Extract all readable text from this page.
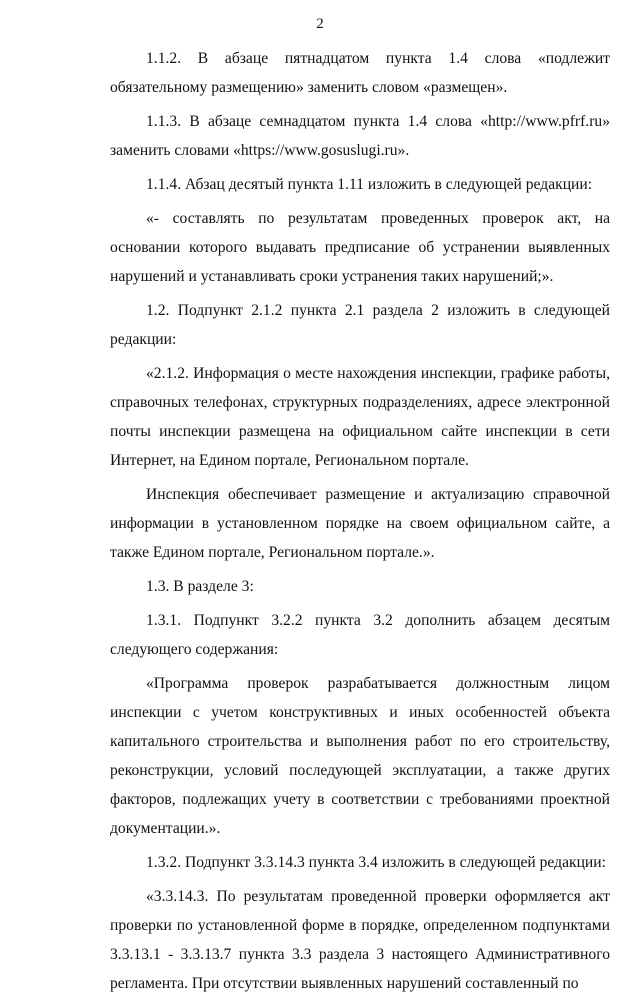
2

1.1.2. В абзаце пятнадцатом пункта 1.4 слова «подлежит обязательному размещению» заменить словом «размещен».

1.1.3. В абзаце семнадцатом пункта 1.4 слова «http://www.pfrf.ru» заменить словами «https://www.gosuslugi.ru».

1.1.4. Абзац десятый пункта 1.11 изложить в следующей редакции:

«- составлять по результатам проведенных проверок акт, на основании которого выдавать предписание об устранении выявленных нарушений и устанавливать сроки устранения таких нарушений;».

1.2. Подпункт 2.1.2 пункта 2.1 раздела 2 изложить в следующей редакции:

«2.1.2. Информация о месте нахождения инспекции, графике работы, справочных телефонах, структурных подразделениях, адресе электронной почты инспекции размещена на официальном сайте инспекции в сети Интернет, на Едином портале, Региональном портале.

Инспекция обеспечивает размещение и актуализацию справочной информации в установленном порядке на своем официальном сайте, а также Едином портале, Региональном портале.».

1.3. В разделе 3:

1.3.1. Подпункт 3.2.2 пункта 3.2 дополнить абзацем десятым следующего содержания:

«Программа проверок разрабатывается должностным лицом инспекции с учетом конструктивных и иных особенностей объекта капитального строительства и выполнения работ по его строительству, реконструкции, условий последующей эксплуатации, а также других факторов, подлежащих учету в соответствии с требованиями проектной документации.».

1.3.2. Подпункт 3.3.14.3 пункта 3.4 изложить в следующей редакции:

«3.3.14.3. По результатам проведенной проверки оформляется акт проверки по установленной форме в порядке, определенном подпунктами 3.3.13.1 - 3.3.13.7 пункта 3.3 раздела 3 настоящего Административного регламента. При отсутствии выявленных нарушений составленный по
